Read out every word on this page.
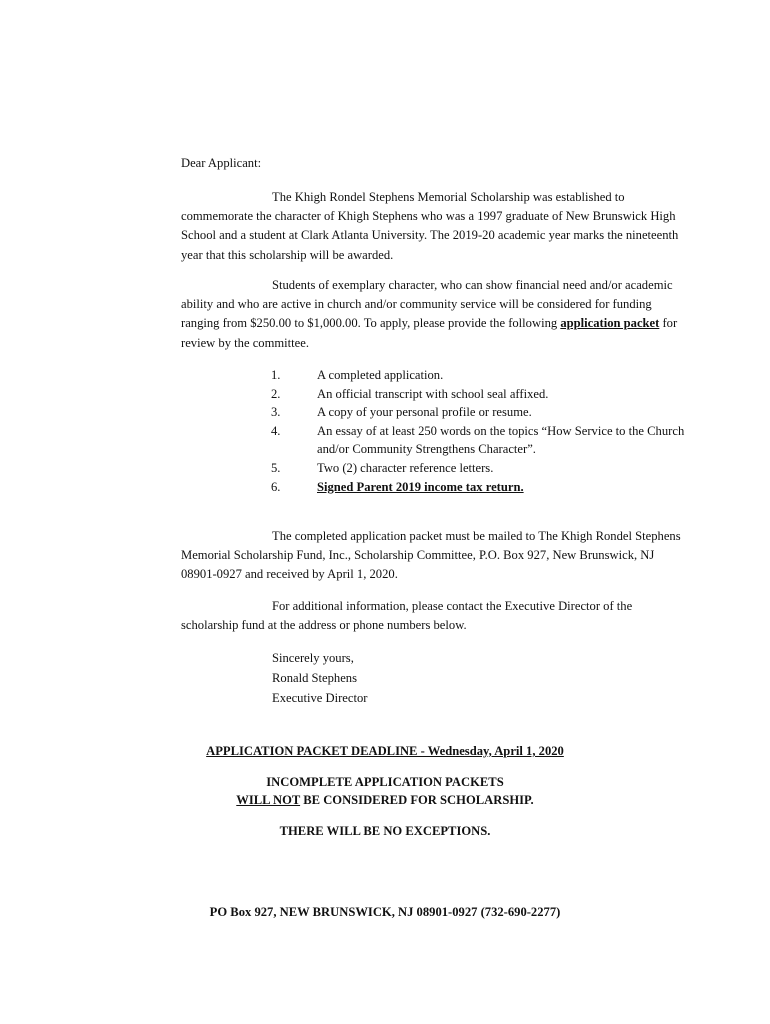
Dear Applicant:
The Khigh Rondel Stephens Memorial Scholarship was established to commemorate the character of Khigh Stephens who was a 1997 graduate of New Brunswick High School and a student at Clark Atlanta University. The 2019-20 academic year marks the nineteenth year that this scholarship will be awarded.
Students of exemplary character, who can show financial need and/or academic ability and who are active in church and/or community service will be considered for funding ranging from $250.00 to $1,000.00. To apply, please provide the following application packet for review by the committee.
1.	A completed application.
2.	An official transcript with school seal affixed.
3.	A copy of your personal profile or resume.
4.	An essay of at least 250 words on the topics “How Service to the Church and/or Community Strengthens Character”.
5.	Two (2) character reference letters.
6.	Signed Parent 2019 income tax return.
The completed application packet must be mailed to The Khigh Rondel Stephens Memorial Scholarship Fund, Inc., Scholarship Committee, P.O. Box 927, New Brunswick, NJ 08901-0927 and received by April 1, 2020.
For additional information, please contact the Executive Director of the scholarship fund at the address or phone numbers below.
Sincerely yours,
Ronald Stephens
Executive Director
APPLICATION PACKET DEADLINE - Wednesday, April 1, 2020
INCOMPLETE APPLICATION PACKETS
WILL NOT BE CONSIDERED FOR SCHOLARSHIP.
THERE WILL BE NO EXCEPTIONS.
PO Box 927, NEW BRUNSWICK, NJ 08901-0927 (732-690-2277)
